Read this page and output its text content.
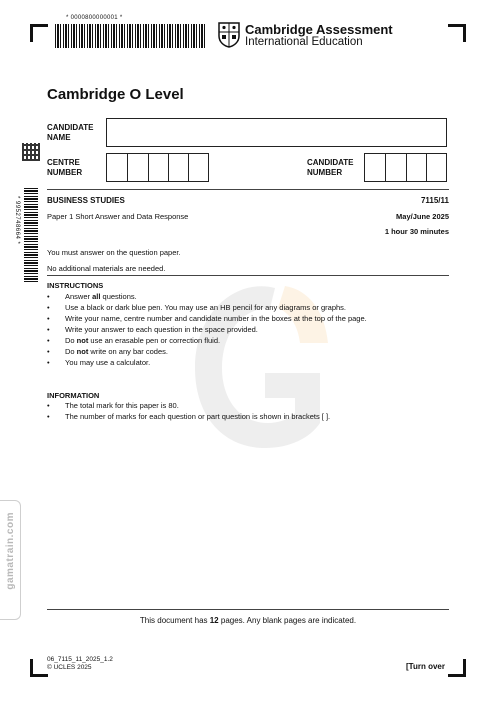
* 0000800000001 *
* 9952748664 *
Cambridge Assessment
International Education
Cambridge O Level
CANDIDATE
NAME
CENTRE
NUMBER
CANDIDATE
NUMBER
BUSINESS STUDIES	7115/11
Paper 1 Short Answer and Data Response	May/June 2025
1 hour 30 minutes
You must answer on the question paper.
No additional materials are needed.
INSTRUCTIONS
• Answer all questions.
• Use a black or dark blue pen. You may use an HB pencil for any diagrams or graphs.
• Write your name, centre number and candidate number in the boxes at the top of the page.
• Write your answer to each question in the space provided.
• Do not use an erasable pen or correction fluid.
• Do not write on any bar codes.
• You may use a calculator.
INFORMATION
• The total mark for this paper is 80.
• The number of marks for each question or part question is shown in brackets [ ].
gamatrain.com
This document has 12 pages. Any blank pages are indicated.
06_7115_11_2025_1.2
© UCLES 2025	[Turn over
